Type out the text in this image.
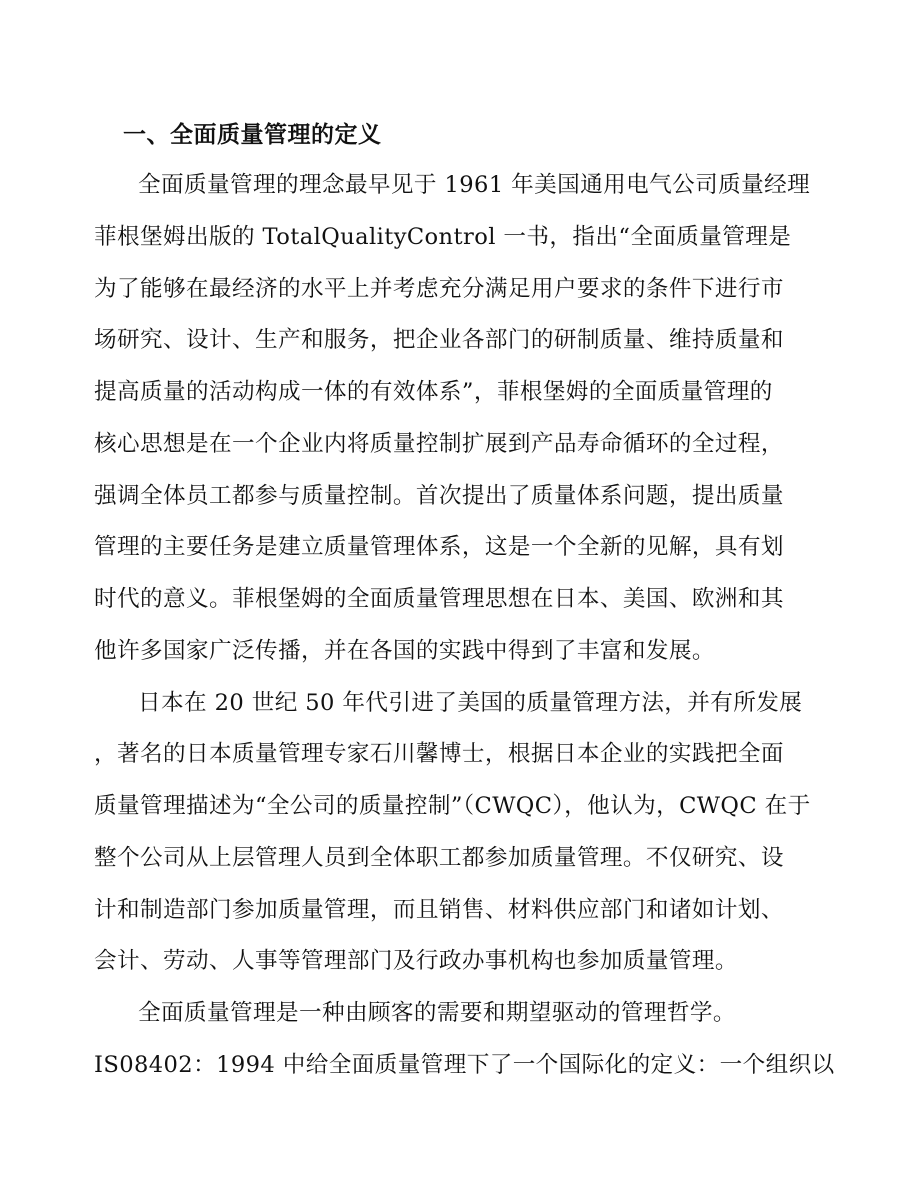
一、全面质量管理的定义
全面质量管理的理念最早见于 1961 年美国通用电气公司质量经理
菲根堡姆出版的 TotalQualityControl 一书，指出“全面质量管理是
为了能够在最经济的水平上并考虑充分满足用户要求的条件下进行市
场研究、设计、生产和服务，把企业各部门的研制质量、维持质量和
提高质量的活动构成一体的有效体系”，菲根堡姆的全面质量管理的
核心思想是在一个企业内将质量控制扩展到产品寿命循环的全过程，
强调全体员工都参与质量控制。首次提出了质量体系问题，提出质量
管理的主要任务是建立质量管理体系，这是一个全新的见解，具有划
时代的意义。菲根堡姆的全面质量管理思想在日本、美国、欧洲和其
他许多国家广泛传播，并在各国的实践中得到了丰富和发展。
日本在 20 世纪 50 年代引进了美国的质量管理方法，并有所发展
，著名的日本质量管理专家石川馨博士，根据日本企业的实践把全面
质量管理描述为“全公司的质量控制”（CWQC），他认为，CWQC 在于
整个公司从上层管理人员到全体职工都参加质量管理。不仅研究、设
计和制造部门参加质量管理，而且销售、材料供应部门和诸如计划、
会计、劳动、人事等管理部门及行政办事机构也参加质量管理。
全面质量管理是一种由顾客的需要和期望驱动的管理哲学。
IS08402：1994 中给全面质量管理下了一个国际化的定义：一个组织以
